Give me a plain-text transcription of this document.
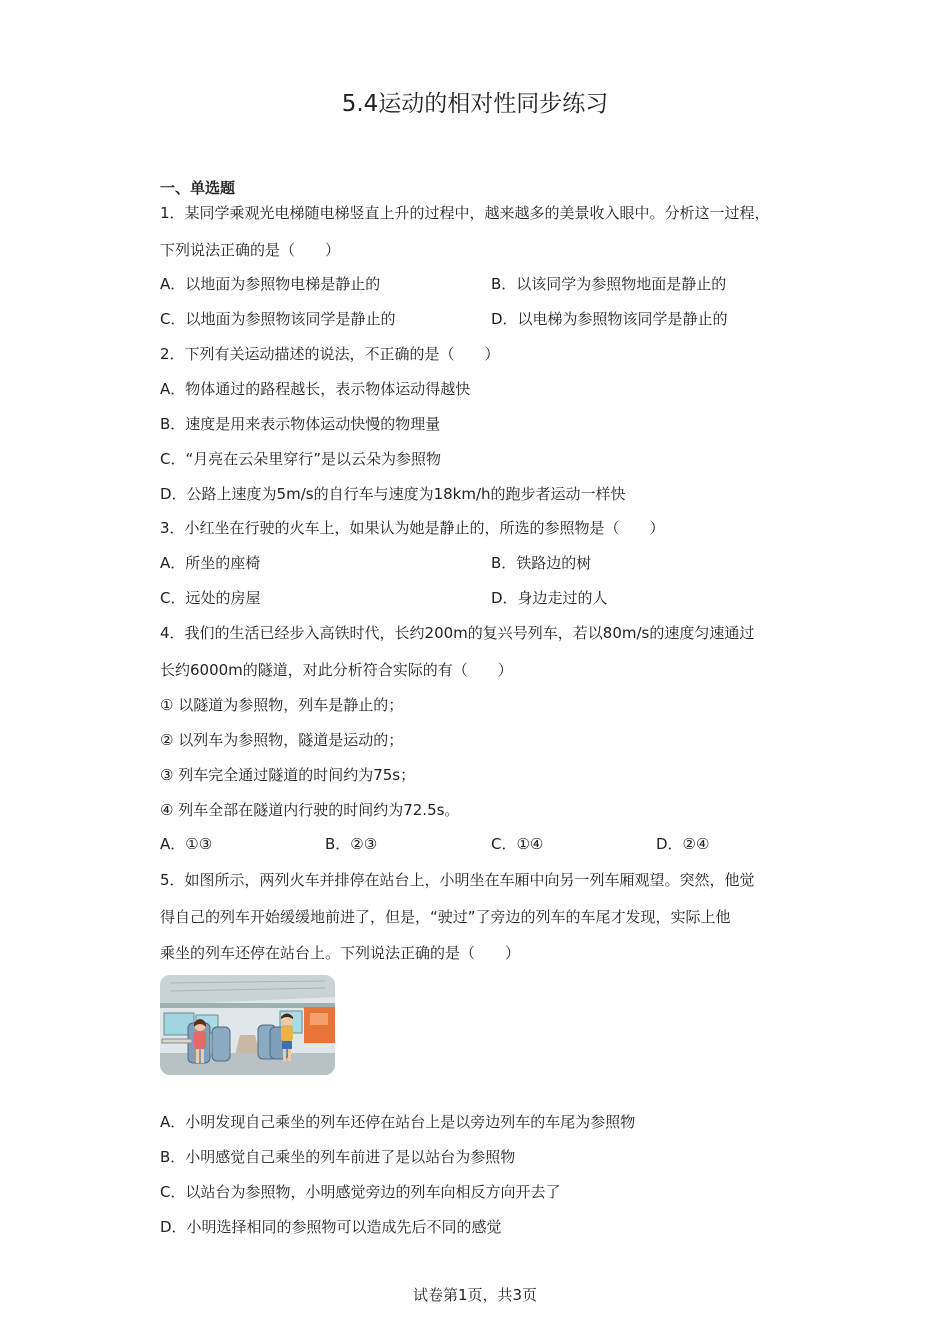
5.4运动的相对性同步练习
一、单选题
1．某同学乘观光电梯随电梯竖直上升的过程中，越来越多的美景收入眼中。分析这一过程，
下列说法正确的是（　　）
A．以地面为参照物电梯是静止的	B．以该同学为参照物地面是静止的
C．以地面为参照物该同学是静止的	D．以电梯为参照物该同学是静止的
2．下列有关运动描述的说法，不正确的是（　　）
A．物体通过的路程越长，表示物体运动得越快
B．速度是用来表示物体运动快慢的物理量
C．“月亮在云朵里穿行”是以云朵为参照物
D．公路上速度为5m/s的自行车与速度为18km/h的跑步者运动一样快
3．小红坐在行驶的火车上，如果认为她是静止的，所选的参照物是（　　）
A．所坐的座椅	B．铁路边的树
C．远处的房屋	D．身边走过的人
4．我们的生活已经步入高铁时代，长约200m的复兴号列车，若以80m/s的速度匀速通过
长约6000m的隧道，对此分析符合实际的有（　　）
① 以隧道为参照物，列车是静止的；
② 以列车为参照物，隧道是运动的；
③ 列车完全通过隧道的时间约为75s；
④ 列车全部在隧道内行驶的时间约为72.5s。
A．①③	B．②③	C．①④	D．②④
5．如图所示，两列火车并排停在站台上，小明坐在车厢中向另一列车厢观望。突然，他觉
得自己的列车开始缓缓地前进了，但是，“驶过”了旁边的列车的车尾才发现，实际上他
乘坐的列车还停在站台上。下列说法正确的是（　　）
A．小明发现自己乘坐的列车还停在站台上是以旁边列车的车尾为参照物
B．小明感觉自己乘坐的列车前进了是以站台为参照物
C．以站台为参照物，小明感觉旁边的列车向相反方向开去了
D．小明选择相同的参照物可以造成先后不同的感觉
试卷第1页，共3页
